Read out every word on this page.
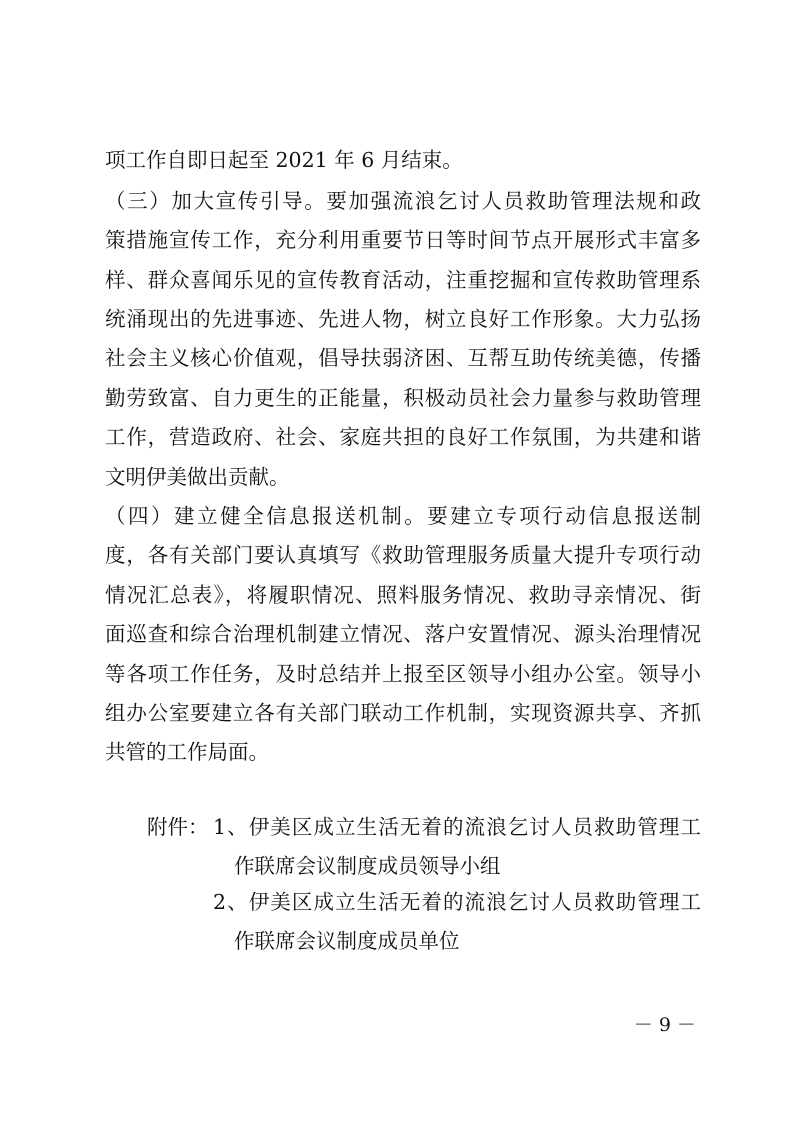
项工作自即日起至 2021 年 6 月结束。
（三）加大宣传引导。要加强流浪乞讨人员救助管理法规和政
策措施宣传工作，充分利用重要节日等时间节点开展形式丰富多
样、群众喜闻乐见的宣传教育活动，注重挖掘和宣传救助管理系
统涌现出的先进事迹、先进人物，树立良好工作形象。大力弘扬
社会主义核心价值观，倡导扶弱济困、互帮互助传统美德，传播
勤劳致富、自力更生的正能量，积极动员社会力量参与救助管理
工作，营造政府、社会、家庭共担的良好工作氛围，为共建和谐
文明伊美做出贡献。
（四）建立健全信息报送机制。要建立专项行动信息报送制
度，各有关部门要认真填写《救助管理服务质量大提升专项行动
情况汇总表》，将履职情况、照料服务情况、救助寻亲情况、街
面巡查和综合治理机制建立情况、落户安置情况、源头治理情况
等各项工作任务，及时总结并上报至区领导小组办公室。领导小
组办公室要建立各有关部门联动工作机制，实现资源共享、齐抓
共管的工作局面。
附件： 1、伊美区成立生活无着的流浪乞讨人员救助管理工
作联席会议制度成员领导小组
2、伊美区成立生活无着的流浪乞讨人员救助管理工
作联席会议制度成员单位
－ 9 －
